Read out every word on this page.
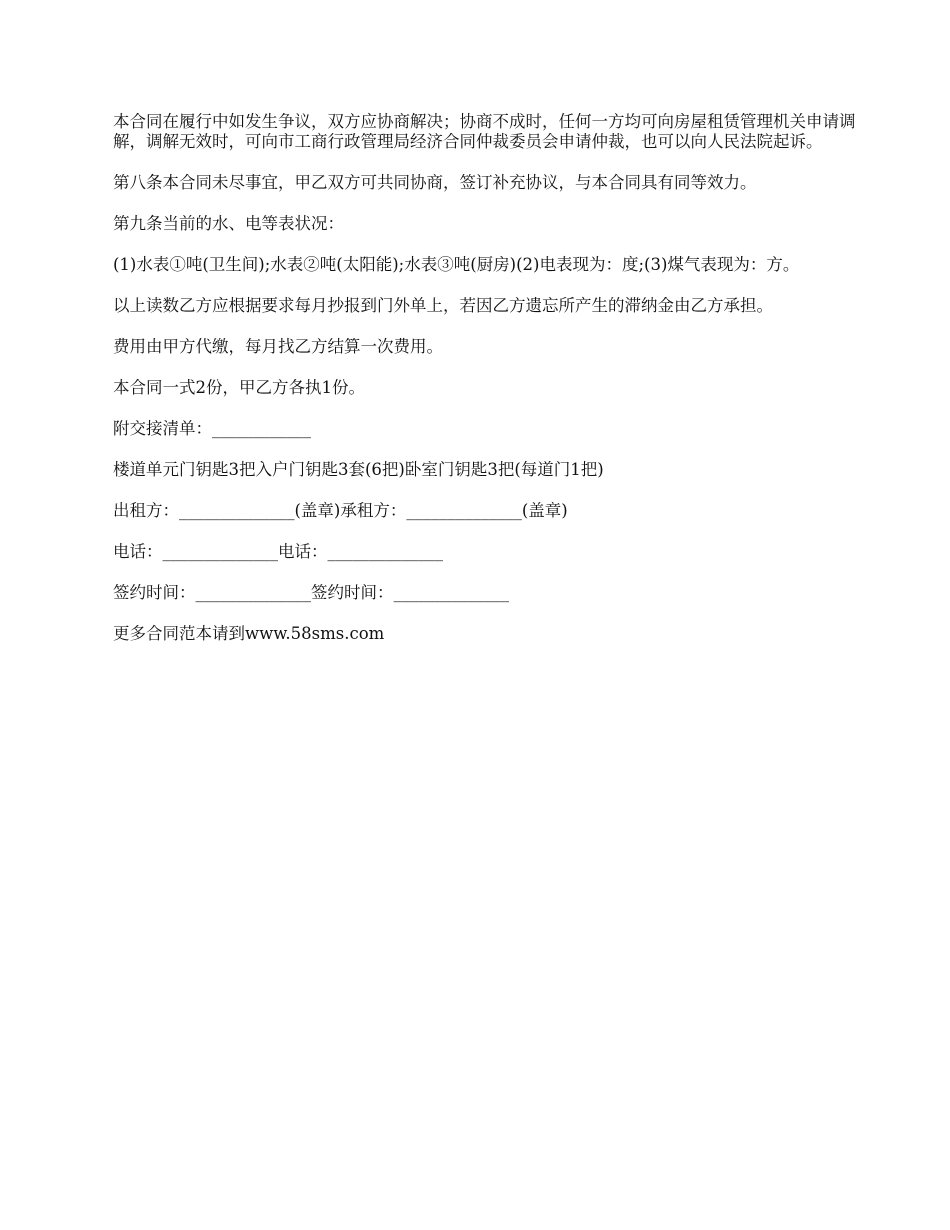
本合同在履行中如发生争议，双方应协商解决；协商不成时，任何一方均可向房屋租赁管理机关申请调解，调解无效时，可向市工商行政管理局经济合同仲裁委员会申请仲裁，也可以向人民法院起诉。

第八条本合同未尽事宜，甲乙双方可共同协商，签订补充协议，与本合同具有同等效力。

第九条当前的水、电等表状况：

(1)水表①吨(卫生间);水表②吨(太阳能);水表③吨(厨房)(2)电表现为：度;(3)煤气表现为：方。

以上读数乙方应根据要求每月抄报到门外单上，若因乙方遗忘所产生的滞纳金由乙方承担。

费用由甲方代缴，每月找乙方结算一次费用。

本合同一式2份，甲乙方各执1份。

附交接清单：____________

楼道单元门钥匙3把入户门钥匙3套(6把)卧室门钥匙3把(每道门1把)

出租方：______________(盖章)承租方：______________(盖章)

电话：______________电话：______________

签约时间：______________签约时间：______________

更多合同范本请到www.58sms.com
